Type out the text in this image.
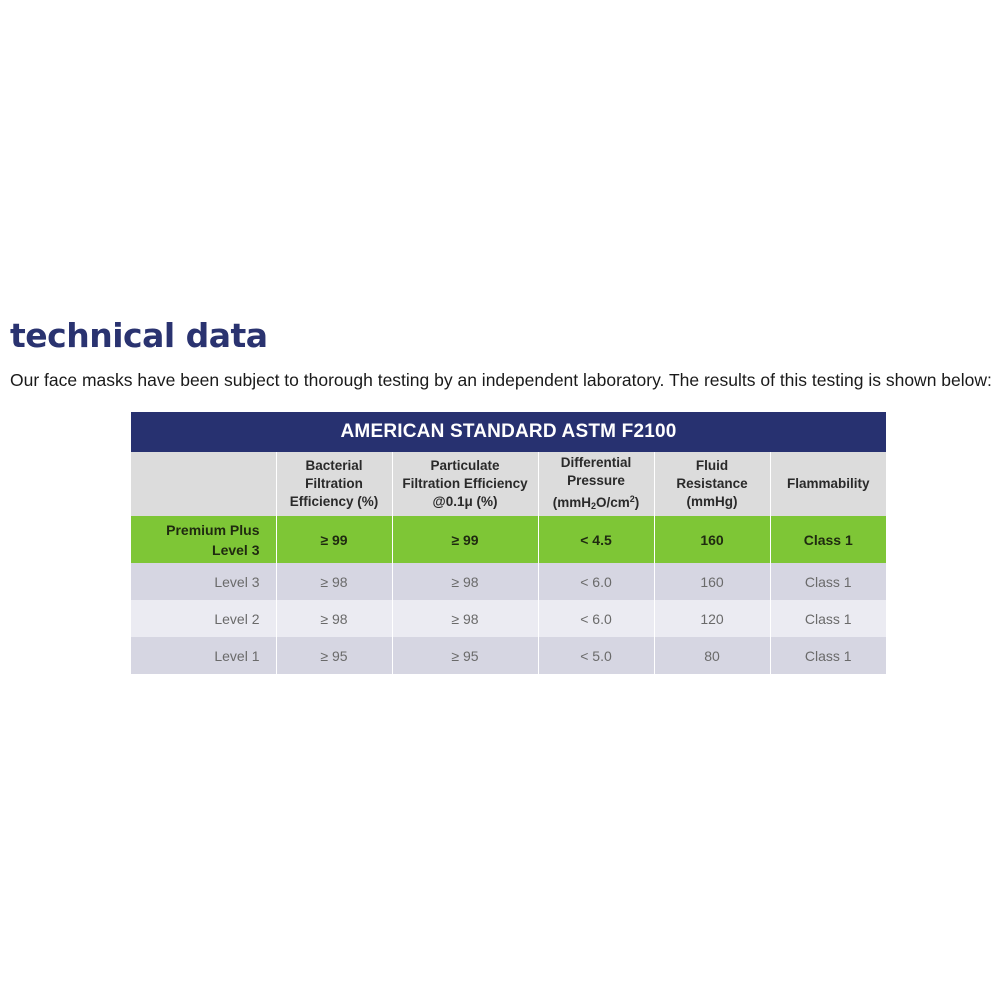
technical data

Our face masks have been subject to thorough testing by an independent laboratory. The results of this testing is shown below:

AMERICAN STANDARD ASTM F2100					

	Bacterial
Filtration
Efficiency (%)	Particulate
Filtration Efficiency
@0.1μ (%)	Differential
Pressure
$(mmH_2O/cm^2)$	Fluid
Resistance
(mmHg)	Flammability

Premium Plus
Level 3	≥ 99	≥ 99	< 4.5	160	Class 1
Level 3	≥ 98	≥ 98	< 6.0	160	Class 1
Level 2	≥ 98	≥ 98	< 6.0	120	Class 1
Level 1	≥ 95	≥ 95	< 5.0	80	Class 1
